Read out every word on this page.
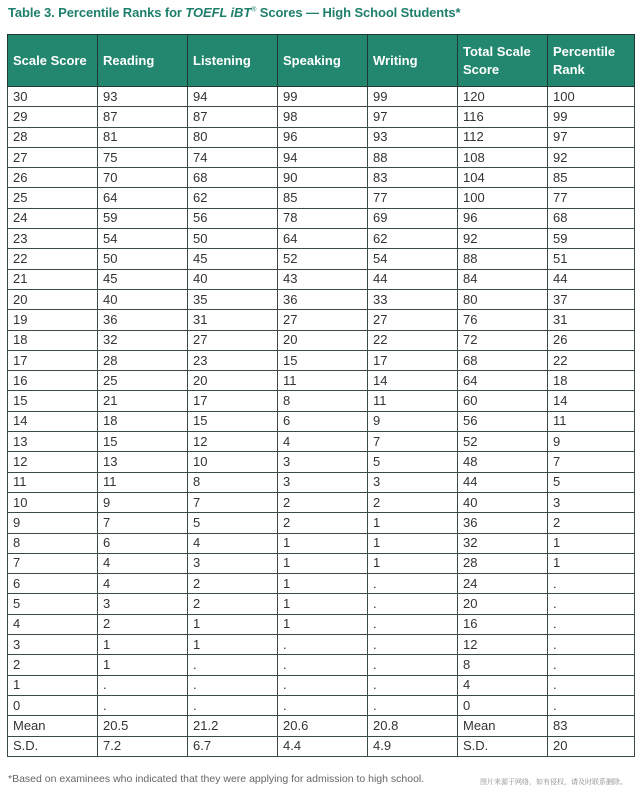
Table 3. Percentile Ranks for TOEFL iBT® Scores — High School Students*
Scale Score	Reading	Listening	Speaking	Writing	Total Scale Score	Percentile Rank
30	93	94	99	99	120	100
29	87	87	98	97	116	99
28	81	80	96	93	112	97
27	75	74	94	88	108	92
26	70	68	90	83	104	85
25	64	62	85	77	100	77
24	59	56	78	69	96	68
23	54	50	64	62	92	59
22	50	45	52	54	88	51
21	45	40	43	44	84	44
20	40	35	36	33	80	37
19	36	31	27	27	76	31
18	32	27	20	22	72	26
17	28	23	15	17	68	22
16	25	20	11	14	64	18
15	21	17	8	11	60	14
14	18	15	6	9	56	11
13	15	12	4	7	52	9
12	13	10	3	5	48	7
11	11	8	3	3	44	5
10	9	7	2	2	40	3
9	7	5	2	1	36	2
8	6	4	1	1	32	1
7	4	3	1	1	28	1
6	4	2	1	.	24	.
5	3	2	1	.	20	.
4	2	1	1	.	16	.
3	1	1	.	.	12	.
2	1	.	.	.	8	.
1	.	.	.	.	4	.
0	.	.	.	.	0	.
Mean	20.5	21.2	20.6	20.8	Mean	83
S.D.	7.2	6.7	4.4	4.9	S.D.	20
*Based on examinees who indicated that they were applying for admission to high school.	图片来源于网络，如有侵权，请及时联系删除。
